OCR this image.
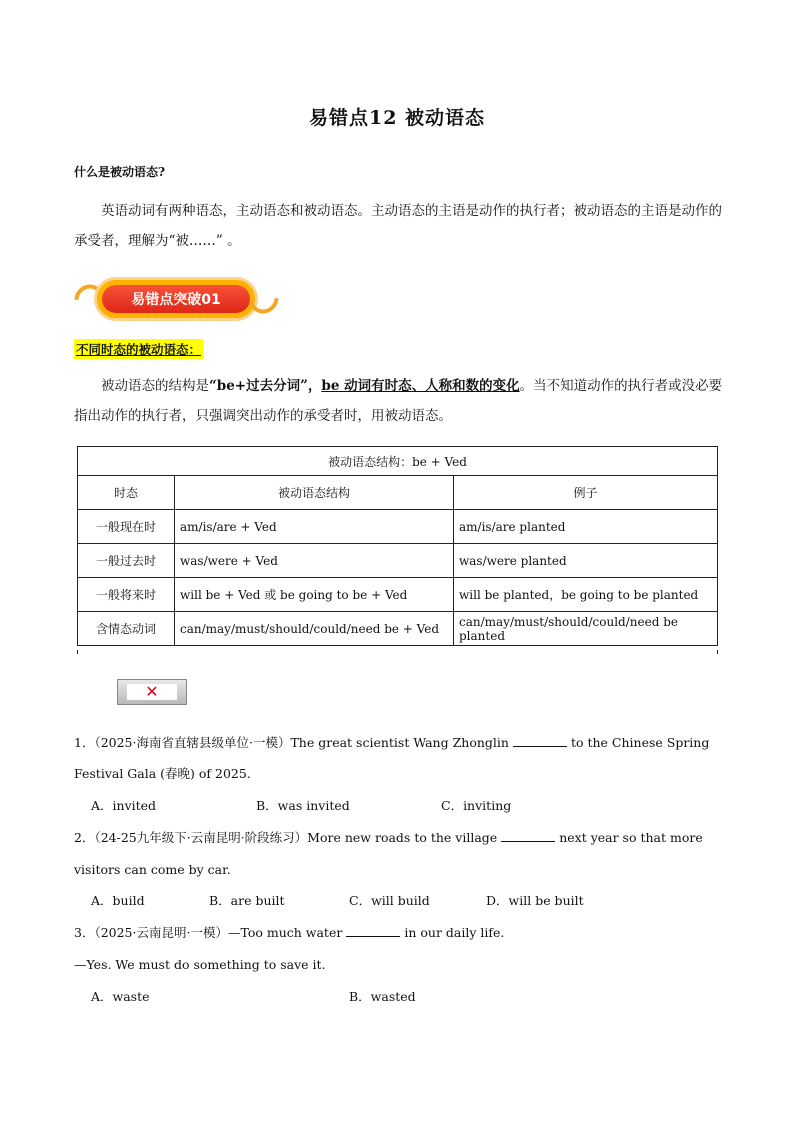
易错点12 被动语态
什么是被动语态?

英语动词有两种语态，主动语态和被动语态。主动语态的主语是动作的执行者；被动语态的主语是动作的承受者，理解为“被……” 。

易错点突破01
不同时态的被动语态：

被动语态的结构是“be+过去分词”，be 动词有时态、人称和数的变化。当不知道动作的执行者或没必要指出动作的执行者，只强调突出动作的承受者时，用被动语态。

被动语态结构：be + Ved		
时态	被动语态结构	例子
一般现在时	am/is/are + Ved	am/is/are planted
一般过去时	was/were + Ved	was/were planted
一般将来时	will be + Ved 或 be going to be + Ved	will be planted，be going to be planted
含情态动词	can/may/must/should/could/need be + Ved	can/may/must/should/could/need be planted
✕
1．（2025·海南省直辖县级单位·一模）The great scientist Wang Zhonglin	to the Chinese Spring
Festival Gala (春晚) of 2025.
A．invited	B．was invited	C．inviting
2．（24-25九年级下·云南昆明·阶段练习）More new roads to the village	next year so that more
visitors can come by car.
A．build	B．are built	C．will build	D．will be built
3．（2025·云南昆明·一模）—Too much water	in our daily life.
—Yes. We must do something to save it.
A．waste	B．wasted
